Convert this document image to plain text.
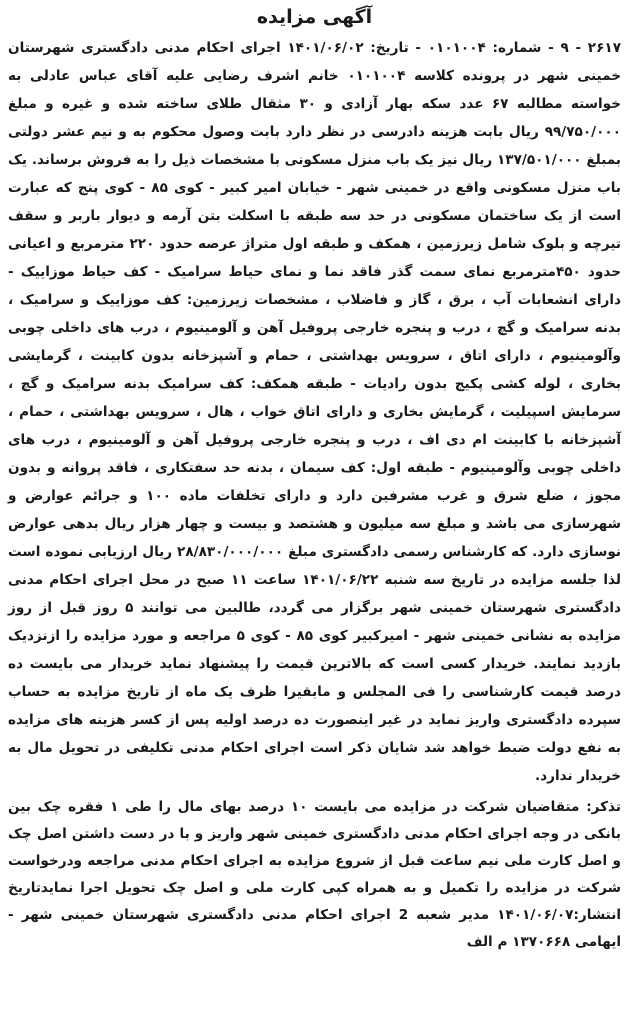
آگهی مزایده

۲۶۱۷ - ۹ - شماره: ۰۱۰۱۰۰۴ - تاریخ: ۱۴۰۱/۰۶/۰۲ اجرای احکام مدنی دادگستری شهرستان خمینی شهر در پرونده کلاسه ۰۱۰۱۰۰۴ خانم اشرف رضایی علیه آقای عباس عادلی به خواسته مطالبه ۶۷ عدد سکه بهار آزادی و ۳۰ مثقال طلای ساخته شده و غیره و مبلغ ۹۹/۷۵۰/۰۰۰ ریال بابت هزینه دادرسی در نظر دارد بابت وصول محکوم به و نیم عشر دولتی بمبلغ ۱۳۷/۵۰۱/۰۰۰ ریال نیز یک باب منزل مسکونی با مشخصات ذیل را به فروش برساند. یک باب منزل مسکونی واقع در خمینی شهر - خیابان امیر کبیر - کوی ۸۵ - کوی پنج که عبارت است از یک ساختمان مسکونی در حد سه طبقه با اسکلت بتن آرمه و دیوار باربر و سقف تیرچه و بلوک شامل زیرزمین ، همکف و طبقه اول متراژ عرصه حدود ۲۲۰ مترمربع و اعیانی حدود ۴۵۰مترمربع نمای سمت گذر فاقد نما و نمای حیاط سرامیک - کف حیاط موزاییک - دارای انشعابات آب ، برق ، گاز و فاضلاب ، مشخصات زیرزمین: کف موزاییک و سرامیک ، بدنه سرامیک و گچ ، درب و پنجره خارجی پروفیل آهن و آلومینیوم ، درب های داخلی چوبی وآلومینیوم ، دارای اتاق ، سرویس بهداشتی ، حمام و آشپزخانه بدون کابینت ، گرمایشی بخاری ، لوله کشی پکیج بدون رادیات - طبقه همکف: کف سرامیک بدنه سرامیک و گچ ، سرمایش اسپیلیت ، گرمایش بخاری و دارای اتاق خواب ، هال ، سرویس بهداشتی ، حمام ، آشپزخانه با کابینت ام دی اف ، درب و پنجره خارجی پروفیل آهن و آلومینیوم ، درب های داخلی چوبی وآلومینیوم - طبقه اول: کف سیمان ، بدنه حد سفتکاری ، فاقد پروانه و بدون مجوز ، ضلع شرق و غرب مشرفین دارد و دارای تخلفات ماده ۱۰۰ و جرائم عوارض و شهرسازی می باشد و مبلغ سه میلیون و هشتصد و بیست و چهار هزار ریال بدهی عوارض نوسازی دارد. که کارشناس رسمی دادگستری مبلغ ۲۸/۸۳۰/۰۰۰/۰۰۰ ریال ارزیابی نموده است لذا جلسه مزایده در تاریخ سه شنبه ۱۴۰۱/۰۶/۲۲ ساعت ۱۱ صبح در محل اجرای احکام مدنی دادگستری شهرستان خمینی شهر برگزار می گردد، طالبین می توانند ۵ روز قبل از روز مزایده به نشانی خمینی شهر - امیرکبیر کوی ۸۵ - کوی ۵ مراجعه و مورد مزایده را ازنزدیک بازدید نمایند. خریدار کسی است که بالاترین قیمت را پیشنهاد نماید خریدار می بایست ده درصد قیمت کارشناسی را فی المجلس و مابقیرا ظرف یک ماه از تاریخ مزایده به حساب سپرده دادگستری واریز نماید در غیر اینصورت ده درصد اولیه پس از کسر هزینه های مزایده به نفع دولت ضبط خواهد شد شایان ذکر است اجرای احکام مدنی تکلیفی در تحویل مال به خریدار ندارد.

تذکر: متقاضیان شرکت در مزایده می بایست ۱۰ درصد بهای مال را طی ۱ فقره چک بین بانکی در وجه اجرای احکام مدنی دادگستری خمینی شهر واریز و با در دست داشتن اصل چک و اصل کارت ملی نیم ساعت قبل از شروع مزایده به اجرای احکام مدنی مراجعه ودرخواست شرکت در مزایده را تکمیل و به همراه کپی کارت ملی و اصل چک تحویل اجرا نمایدتاریخ انتشار:۱۴۰۱/۰۶/۰۷ مدیر شعبه 2 اجرای احکام مدنی دادگستری شهرستان خمینی شهر - ایهامی ۱۳۷۰۶۶۸ م الف
